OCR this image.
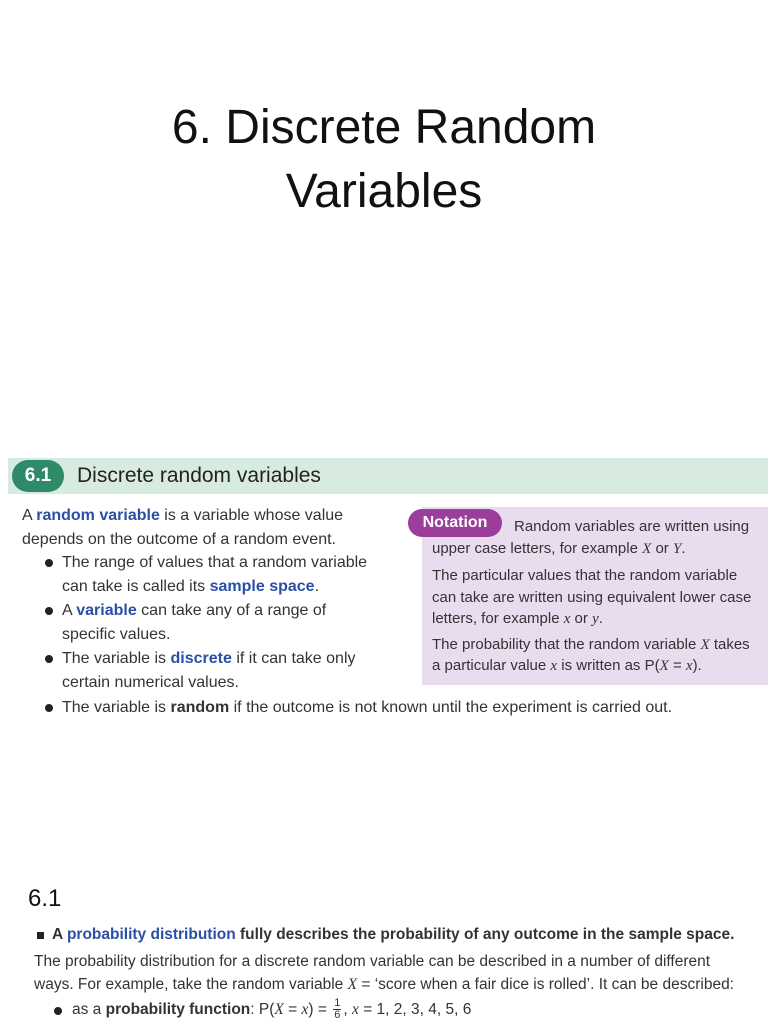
6. Discrete Random
Variables
6.1	Discrete random variables
A random variable is a variable whose value
depends on the outcome of a random event.
The range of values that a random variable
can take is called its sample space.
A variable can take any of a range of
specific values.
The variable is discrete if it can take only
certain numerical values.
The variable is random if the outcome is not known until the experiment is carried out.
Notation	Random variables are written using
upper case letters, for example X or Y.
The particular values that the random variable
can take are written using equivalent lower case
letters, for example x or y.
The probability that the random variable X takes
a particular value x is written as P(X = x).
6.1
A probability distribution fully describes the probability of any outcome in the sample space.
The probability distribution for a discrete random variable can be described in a number of different
ways. For example, take the random variable X = ‘score when a fair dice is rolled’. It can be described:
as a probability function: $P(X = x) = \frac{1}{6}$ , x = 1, 2, 3, 4, 5, 6
